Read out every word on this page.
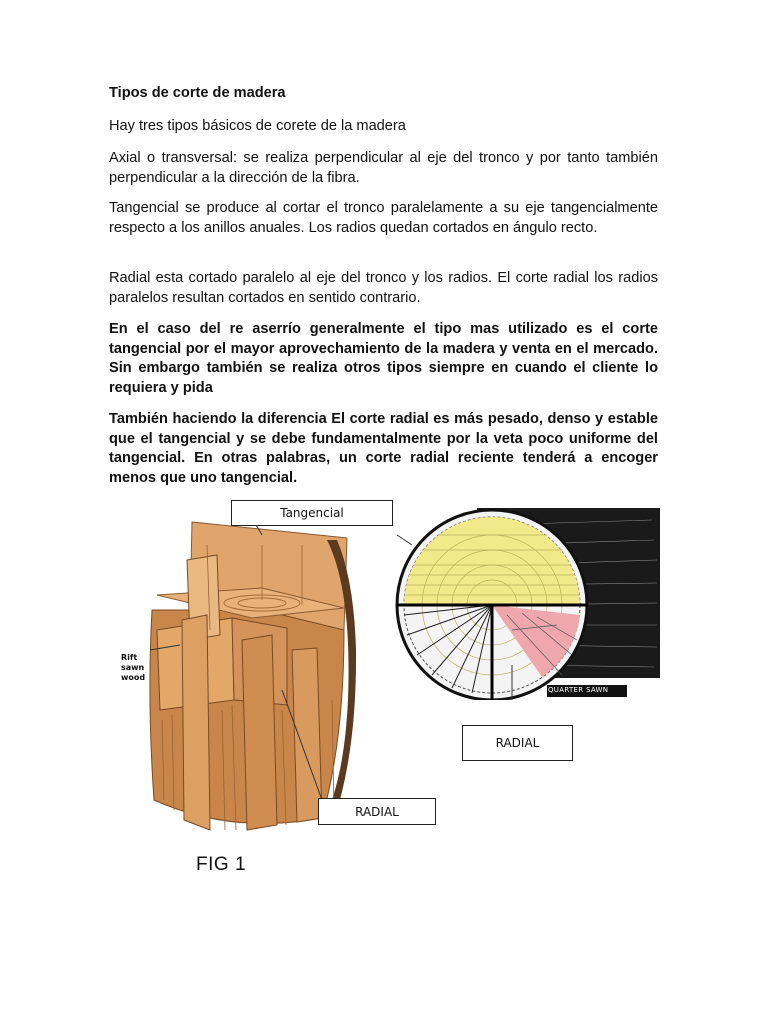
Tipos de corte de madera
Hay tres tipos básicos de corete de la madera
Axial o transversal: se realiza perpendicular al eje del tronco y por tanto también perpendicular a la dirección de la fibra.
Tangencial se produce al cortar el tronco paralelamente a su eje tangencialmente respecto a los anillos anuales. Los radios quedan cortados en ángulo recto.
Radial esta cortado paralelo al eje del tronco y los radios. El corte radial los radios paralelos resultan cortados en sentido contrario.
En el caso del re aserrío generalmente el tipo mas utilizado es el corte tangencial por el mayor aprovechamiento de la madera y venta en el mercado. Sin embargo también se realiza otros tipos siempre en cuando el cliente lo requiera y pida
También haciendo la diferencia El corte radial es más pesado, denso y estable que el tangencial y se debe fundamentalmente por la veta poco uniforme del tangencial. En otras palabras, un corte radial reciente tenderá a encoger menos que uno tangencial.
Rift
sawn
wood
QUARTER SAWN
Tangencial
RADIAL
RADIAL
FIG 1
